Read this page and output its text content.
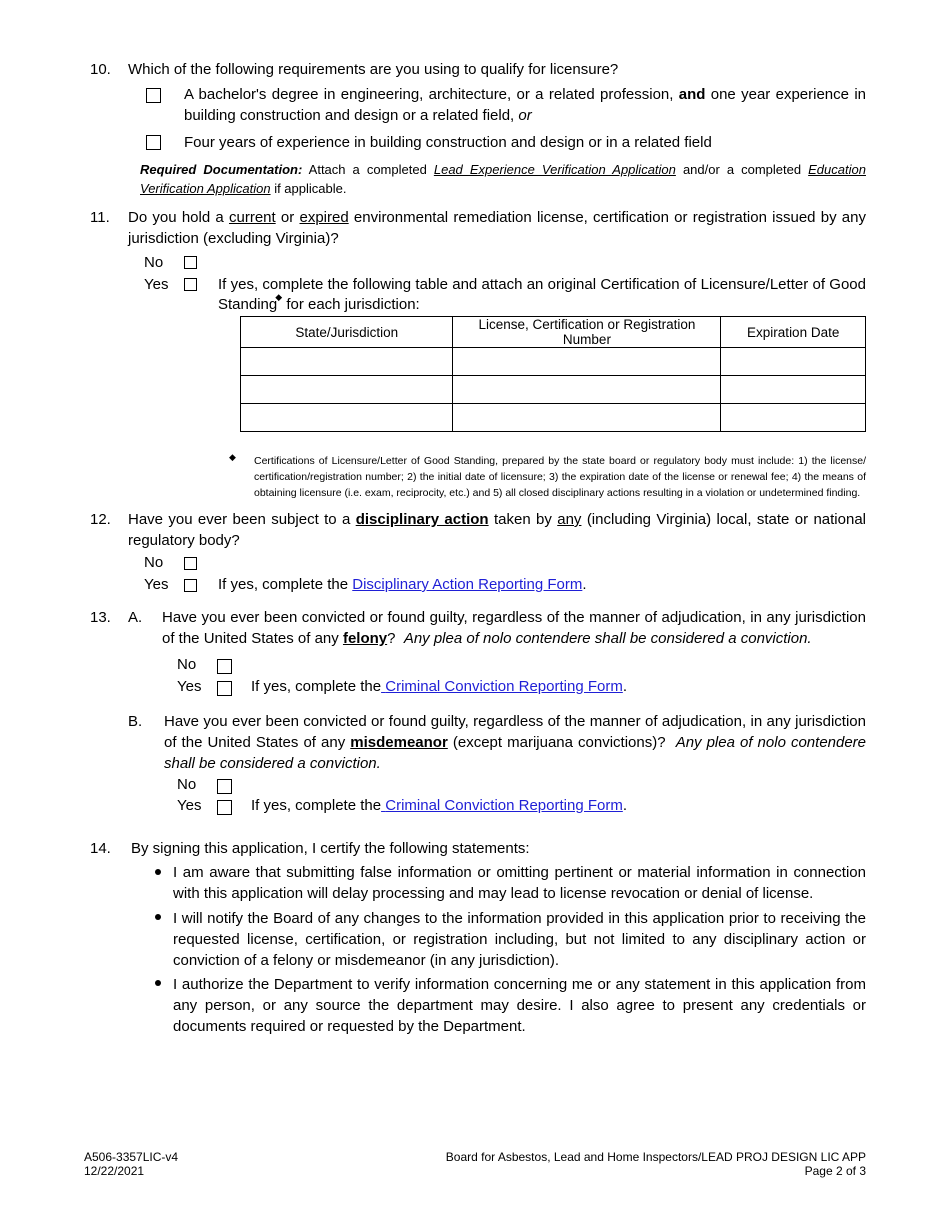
10. Which of the following requirements are you using to qualify for licensure?
A bachelor's degree in engineering, architecture, or a related profession, and one year experience in building construction and design or a related field, or
Four years of experience in building construction and design or in a related field
Required Documentation: Attach a completed Lead Experience Verification Application and/or a completed Education Verification Application if applicable.
11. Do you hold a current or expired environmental remediation license, certification or registration issued by any jurisdiction (excluding Virginia)?
No
Yes	If yes, complete the following table and attach an original Certification of Licensure/Letter of Good Standing◆ for each jurisdiction:
State/Jurisdiction	License, Certification or Registration Number	Expiration Date

◆ Certifications of Licensure/Letter of Good Standing, prepared by the state board or regulatory body must include: 1) the license/ certification/registration number; 2) the initial date of licensure; 3) the expiration date of the license or renewal fee; 4) the means of obtaining licensure (i.e. exam, reciprocity, etc.) and 5) all closed disciplinary actions resulting in a violation or undetermined finding.
12. Have you ever been subject to a disciplinary action taken by any (including Virginia) local, state or national regulatory body?
No
Yes	If yes, complete the Disciplinary Action Reporting Form.
13. A. Have you ever been convicted or found guilty, regardless of the manner of adjudication, in any jurisdiction of the United States of any felony? Any plea of nolo contendere shall be considered a conviction.
No
Yes	If yes, complete the Criminal Conviction Reporting Form.
B. Have you ever been convicted or found guilty, regardless of the manner of adjudication, in any jurisdiction of the United States of any misdemeanor (except marijuana convictions)? Any plea of nolo contendere shall be considered a conviction.
No
Yes	If yes, complete the Criminal Conviction Reporting Form.
14. By signing this application, I certify the following statements:
I am aware that submitting false information or omitting pertinent or material information in connection with this application will delay processing and may lead to license revocation or denial of license.
I will notify the Board of any changes to the information provided in this application prior to receiving the requested license, certification, or registration including, but not limited to any disciplinary action or conviction of a felony or misdemeanor (in any jurisdiction).
I authorize the Department to verify information concerning me or any statement in this application from any person, or any source the department may desire. I also agree to present any credentials or documents required or requested by the Department.
A506-3357LIC-v4
12/22/2021
Board for Asbestos, Lead and Home Inspectors/LEAD PROJ DESIGN LIC APP
Page 2 of 3
